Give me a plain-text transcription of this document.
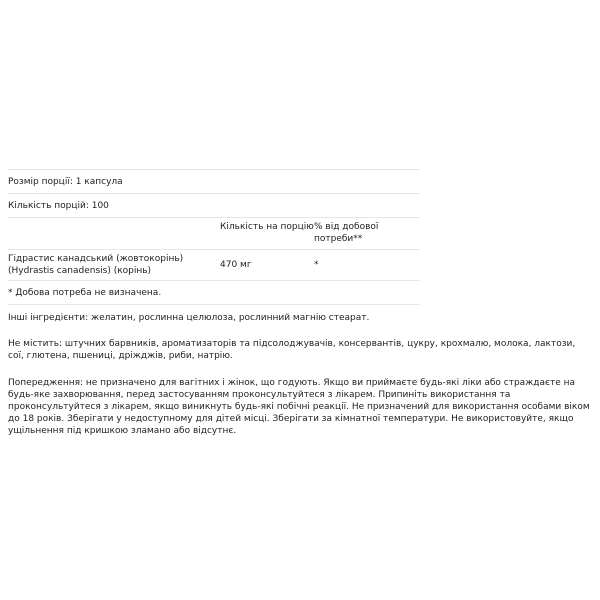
Розмір порції: 1 капсула
Кількість порцій: 100
Кількість на порцію % від добової потреби**
Гідрастис канадський (жовтокорінь) (Hydrastis canadensis) (корінь)
470 мг	*
* Добова потреба не визначена.

Інші інгредієнти: желатин, рослинна целюлоза, рослинний магнію стеарат.

Не містить: штучних барвників, ароматизаторів та підсолоджувачів, консервантів, цукру, крохмалю, молока, лактози, сої, глютена, пшениці, дріжджів, риби, натрію.

Попередження: не призначено для вагітних і жінок, що годують. Якщо ви приймаєте будь-які ліки або страждаєте на будь-яке захворювання, перед застосуванням проконсультуйтеся з лікарем. Припиніть використання та проконсультуйтеся з лікарем, якщо виникнуть будь-які побічні реакції. Не призначений для використання особами віком до 18 років. Зберігати у недоступному для дітей місці. Зберігати за кімнатної температури. Не використовуйте, якщо ущільнення під кришкою зламано або відсутнє.
